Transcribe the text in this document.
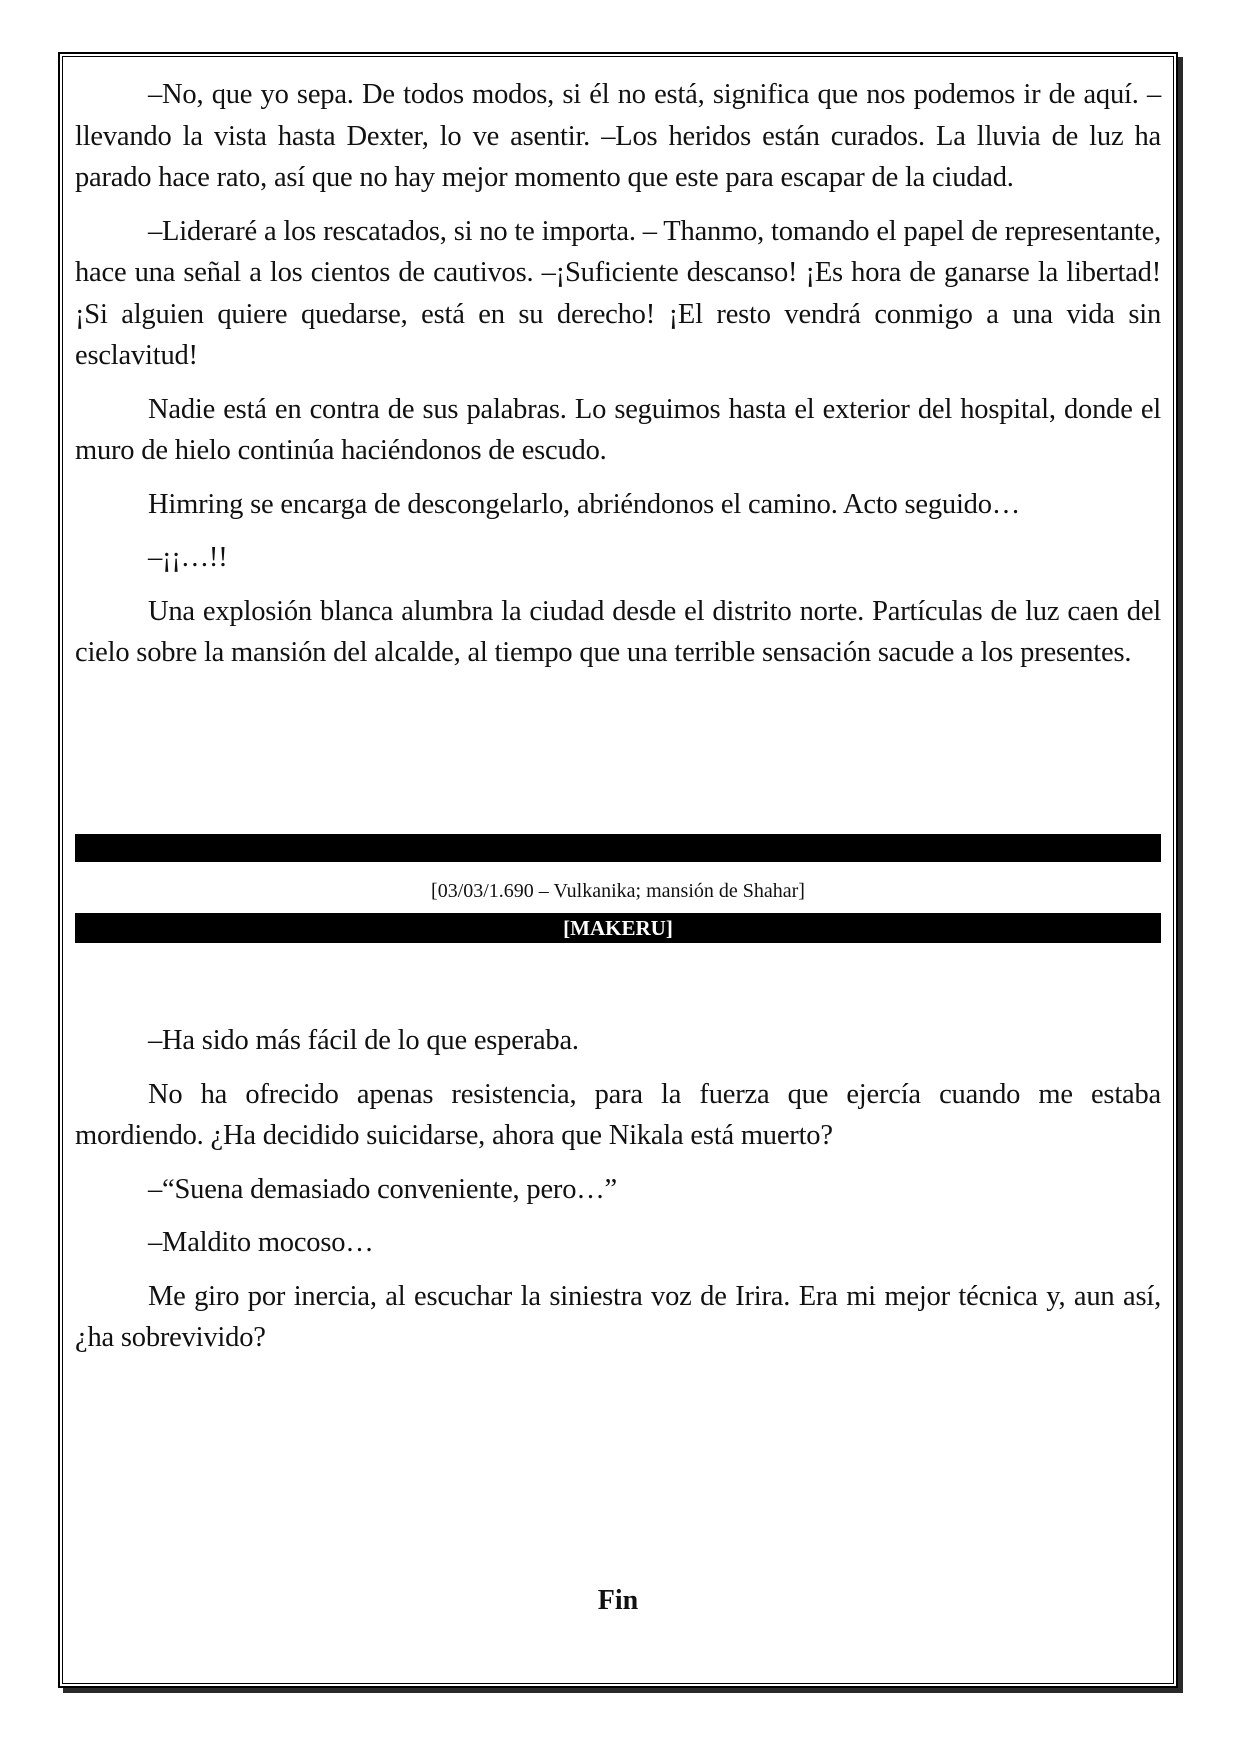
–No, que yo sepa. De todos modos, si él no está, significa que nos podemos ir de aquí. – llevando la vista hasta Dexter, lo ve asentir. –Los heridos están curados. La lluvia de luz ha parado hace rato, así que no hay mejor momento que este para escapar de la ciudad.

–Lideraré a los rescatados, si no te importa. – Thanmo, tomando el papel de representante, hace una señal a los cientos de cautivos. –¡Suficiente descanso! ¡Es hora de ganarse la libertad! ¡Si alguien quiere quedarse, está en su derecho! ¡El resto vendrá conmigo a una vida sin esclavitud!

Nadie está en contra de sus palabras. Lo seguimos hasta el exterior del hospital, donde el muro de hielo continúa haciéndonos de escudo.

Himring se encarga de descongelarlo, abriéndonos el camino. Acto seguido…

–¡¡…!!

Una explosión blanca alumbra la ciudad desde el distrito norte. Partículas de luz caen del cielo sobre la mansión del alcalde, al tiempo que una terrible sensación sacude a los presentes.

[03/03/1.690 – Vulkanika; mansión de Shahar]
[MAKERU]

–Ha sido más fácil de lo que esperaba.

No ha ofrecido apenas resistencia, para la fuerza que ejercía cuando me estaba mordiendo. ¿Ha decidido suicidarse, ahora que Nikala está muerto?

–“Suena demasiado conveniente, pero…”

–Maldito mocoso…

Me giro por inercia, al escuchar la siniestra voz de Irira. Era mi mejor técnica y, aun así, ¿ha sobrevivido?

Fin
